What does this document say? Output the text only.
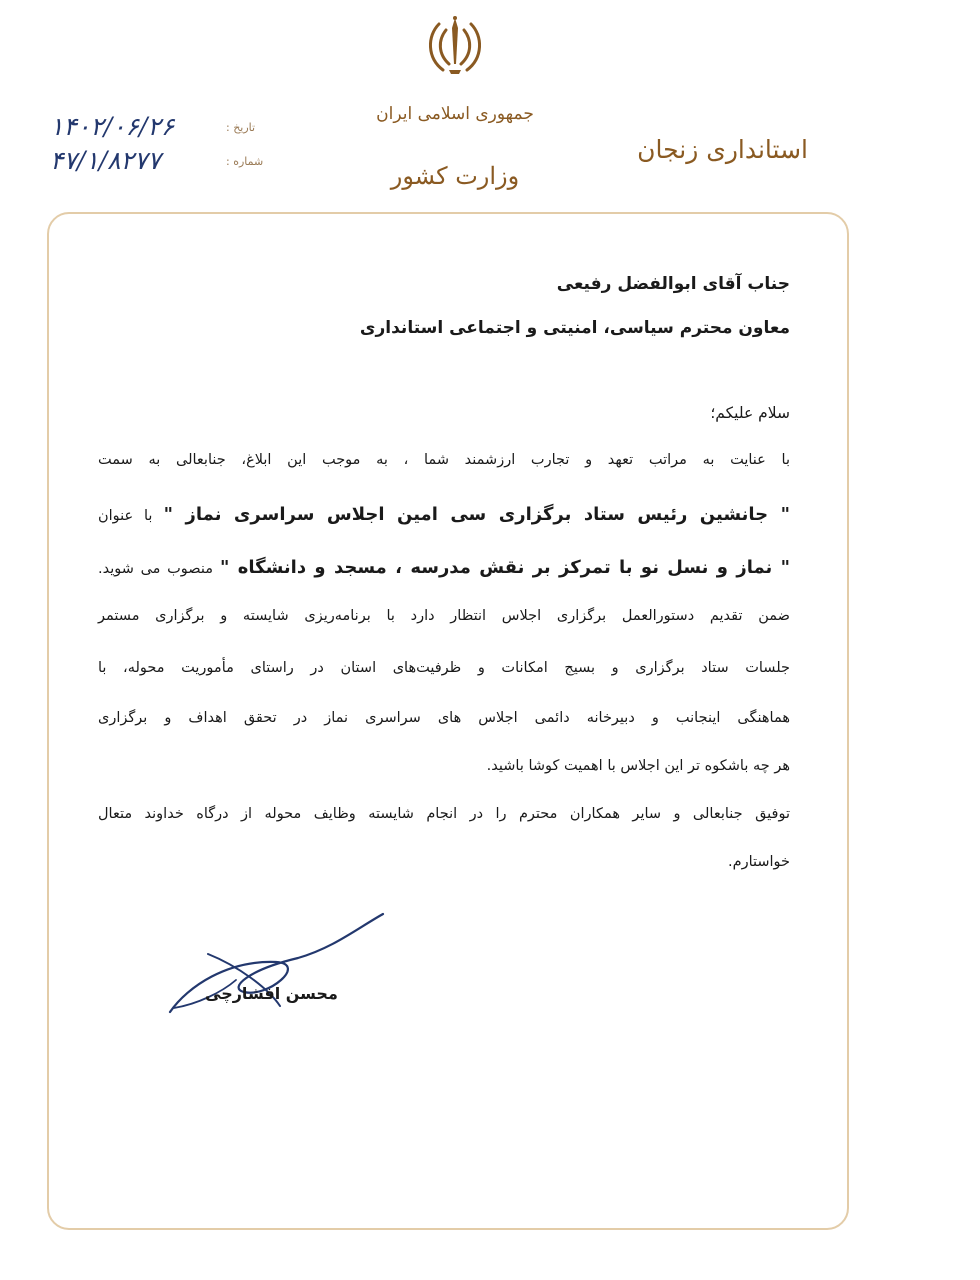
جمهوری اسلامی ایران
وزارت کشور
استانداری زنجان
۱۴۰۲/۰۶/۲۶	تاریخ :
۴۷/۱/۸۲۷۷	شماره :
جناب آقای ابوالفضل رفیعی
معاون محترم سیاسی، امنیتی و اجتماعی استانداری
سلام علیکم؛
با عنایت به مراتب تعهد و تجارب ارزشمند شما ، به موجب این ابلاغ، جنابعالی به سمت
" جانشین رئیس ستاد برگزاری سی امین اجلاس سراسری نماز " با عنوان
" نماز و نسل نو با تمرکز بر نقش مدرسه ، مسجد و دانشگاه " منصوب می شوید.
ضمن تقدیم دستورالعمل برگزاری اجلاس انتظار دارد با برنامه‌ریزی شایسته و برگزاری مستمر
جلسات ستاد برگزاری و بسیج امکانات و ظرفیت‌های استان در راستای مأموریت محوله، با
هماهنگی اینجانب و دبیرخانه دائمی اجلاس های سراسری نماز در تحقق اهداف و برگزاری
هر چه باشکوه تر این اجلاس با اهمیت کوشا باشید.
توفیق جنابعالی و سایر همکاران محترم را در انجام شایسته وظایف محوله از درگاه خداوند متعال
خواستارم.
محسن افشارچی
